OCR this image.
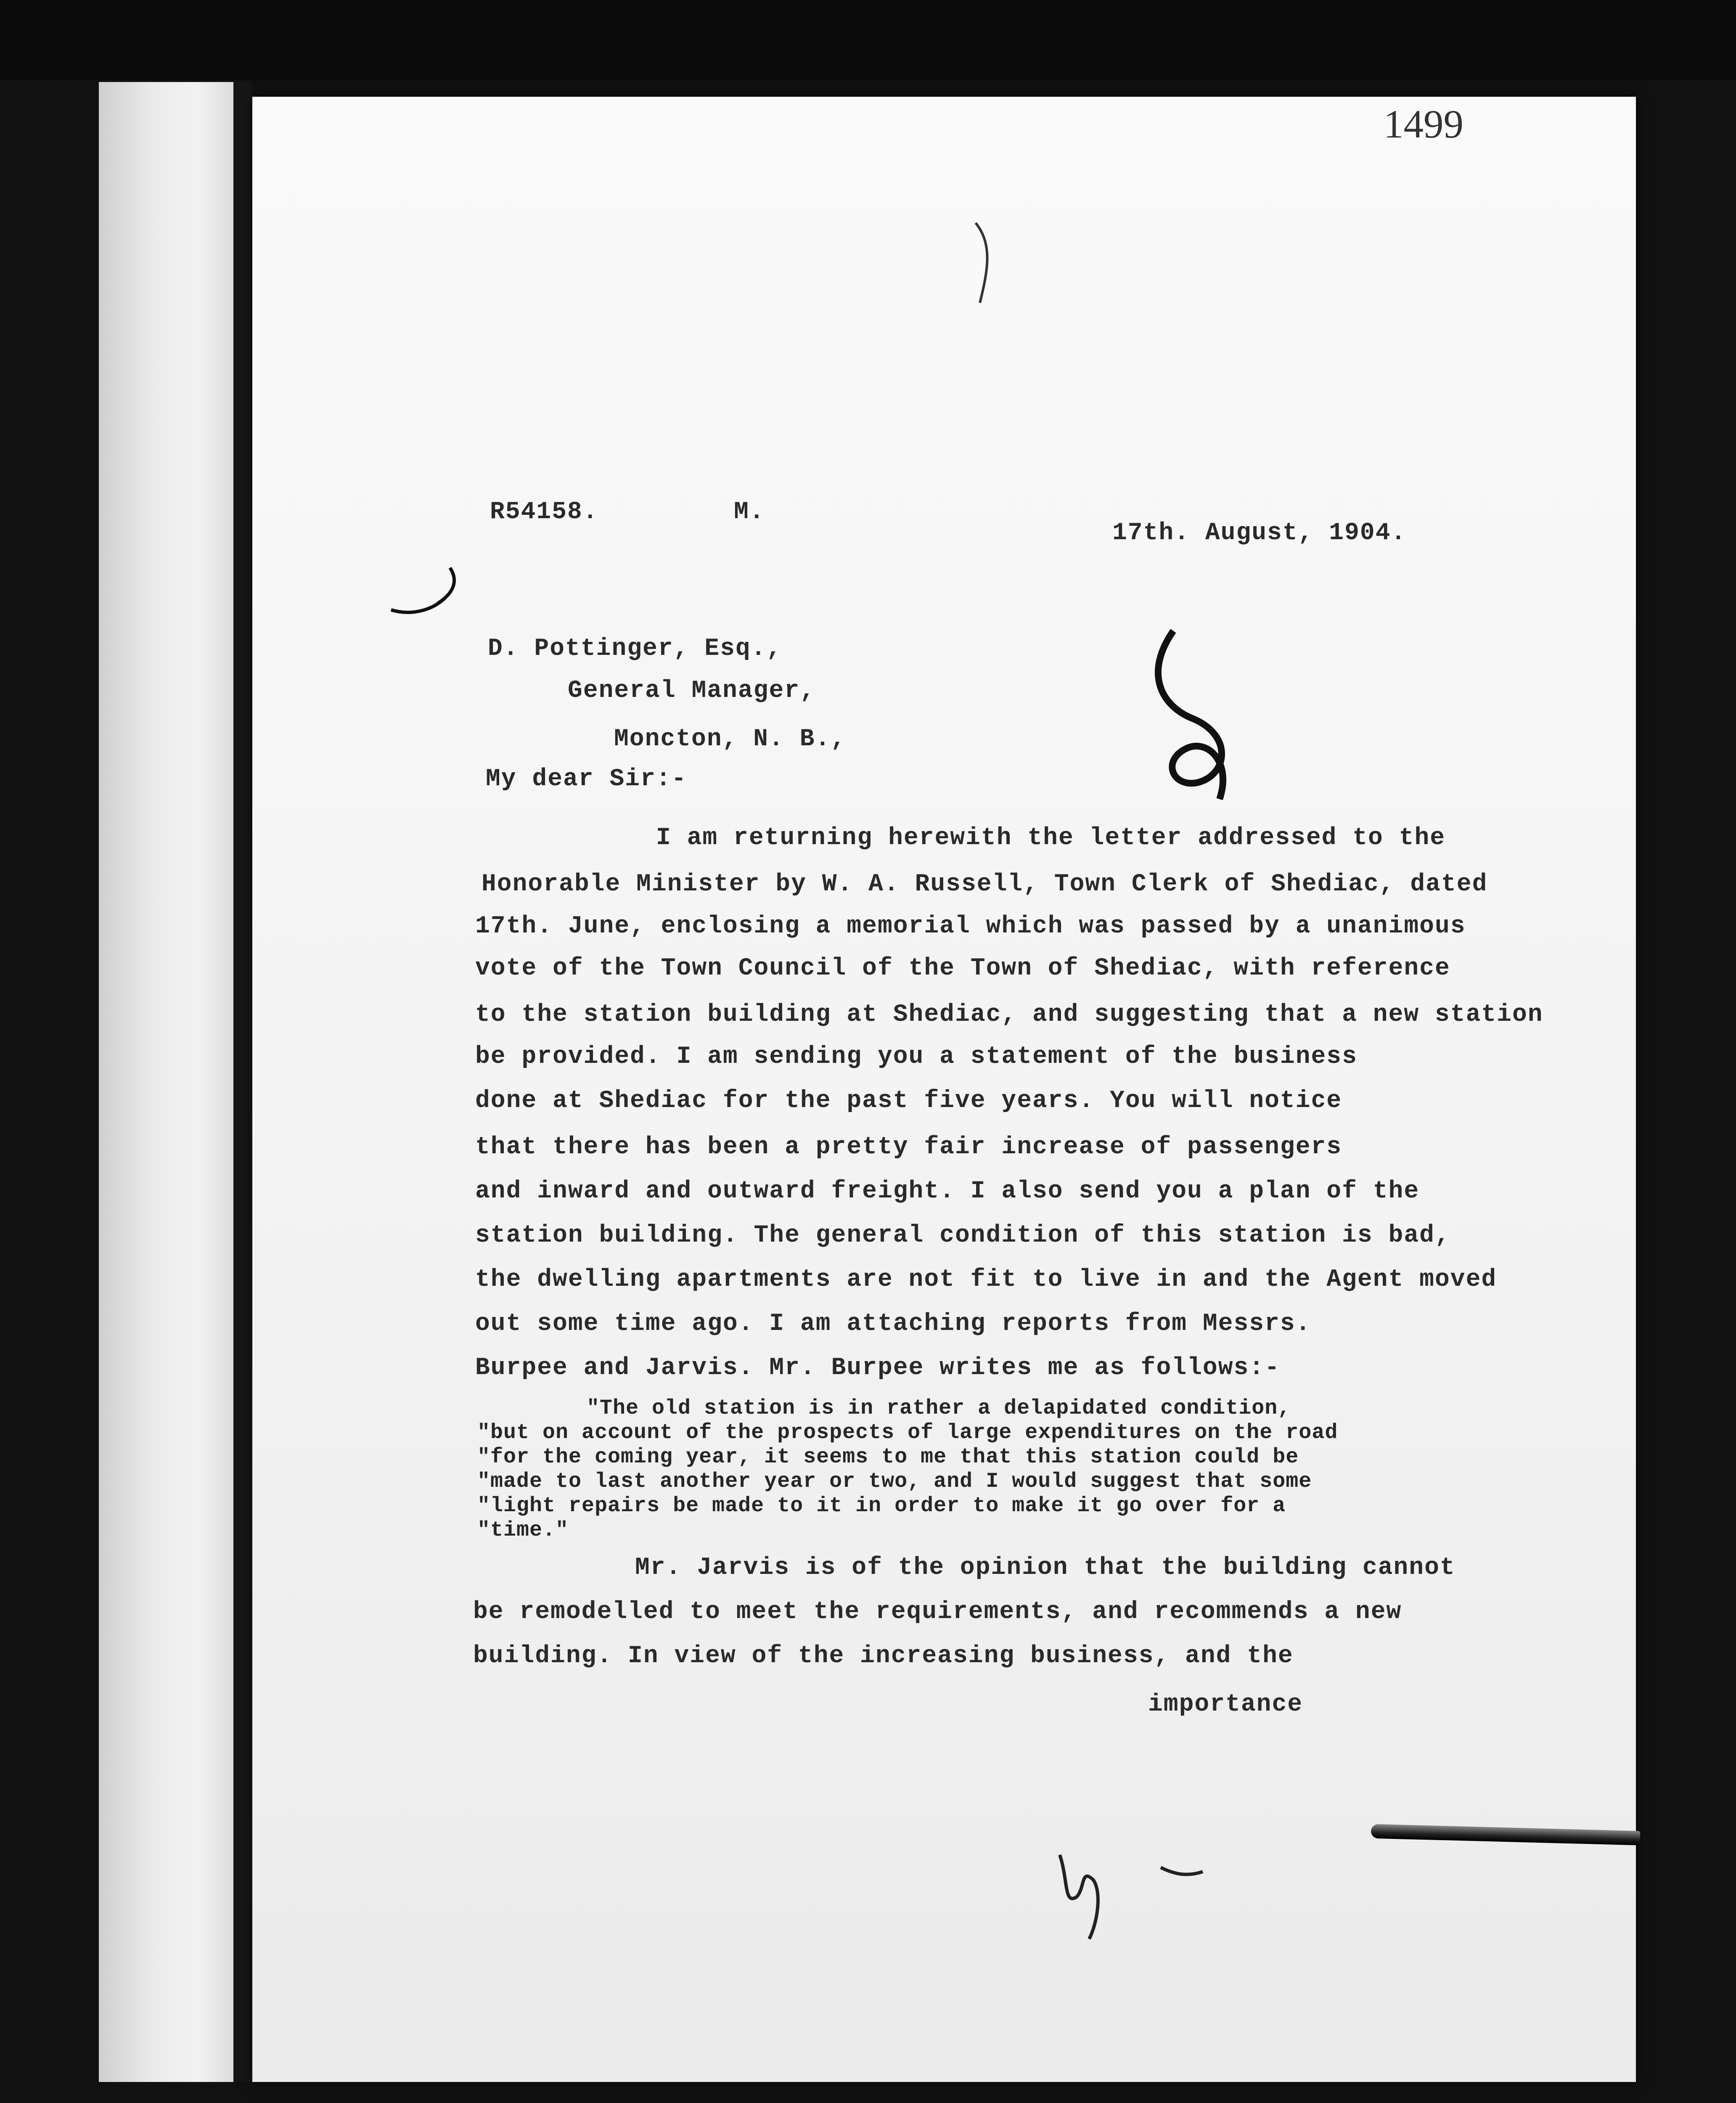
1499
R54158.	M.
17th. August, 1904.
D. Pottinger, Esq.,
General Manager,
Moncton, N. B.,
My dear Sir:-
I am returning herewith the letter addressed to the
Honorable Minister by W. A. Russell, Town Clerk of Shediac, dated
17th. June, enclosing a memorial which was passed by a unanimous
vote of the Town Council of the Town of Shediac, with reference
to the station building at Shediac, and suggesting that a new station
be provided. I am sending you a statement of the business
done at Shediac for the past five years. You will notice
that there has been a pretty fair increase of passengers
and inward and outward freight. I also send you a plan of the
station building. The general condition of this station is bad,
the dwelling apartments are not fit to live in and the Agent moved
out some time ago. I am attaching reports from Messrs.
Burpee and Jarvis. Mr. Burpee writes me as follows:-
"The old station is in rather a delapidated condition,
"but on account of the prospects of large expenditures on the road
"for the coming year, it seems to me that this station could be
"made to last another year or two, and I would suggest that some
"light repairs be made to it in order to make it go over for a
"time."
Mr. Jarvis is of the opinion that the building cannot
be remodelled to meet the requirements, and recommends a new
building. In view of the increasing business, and the
importance
